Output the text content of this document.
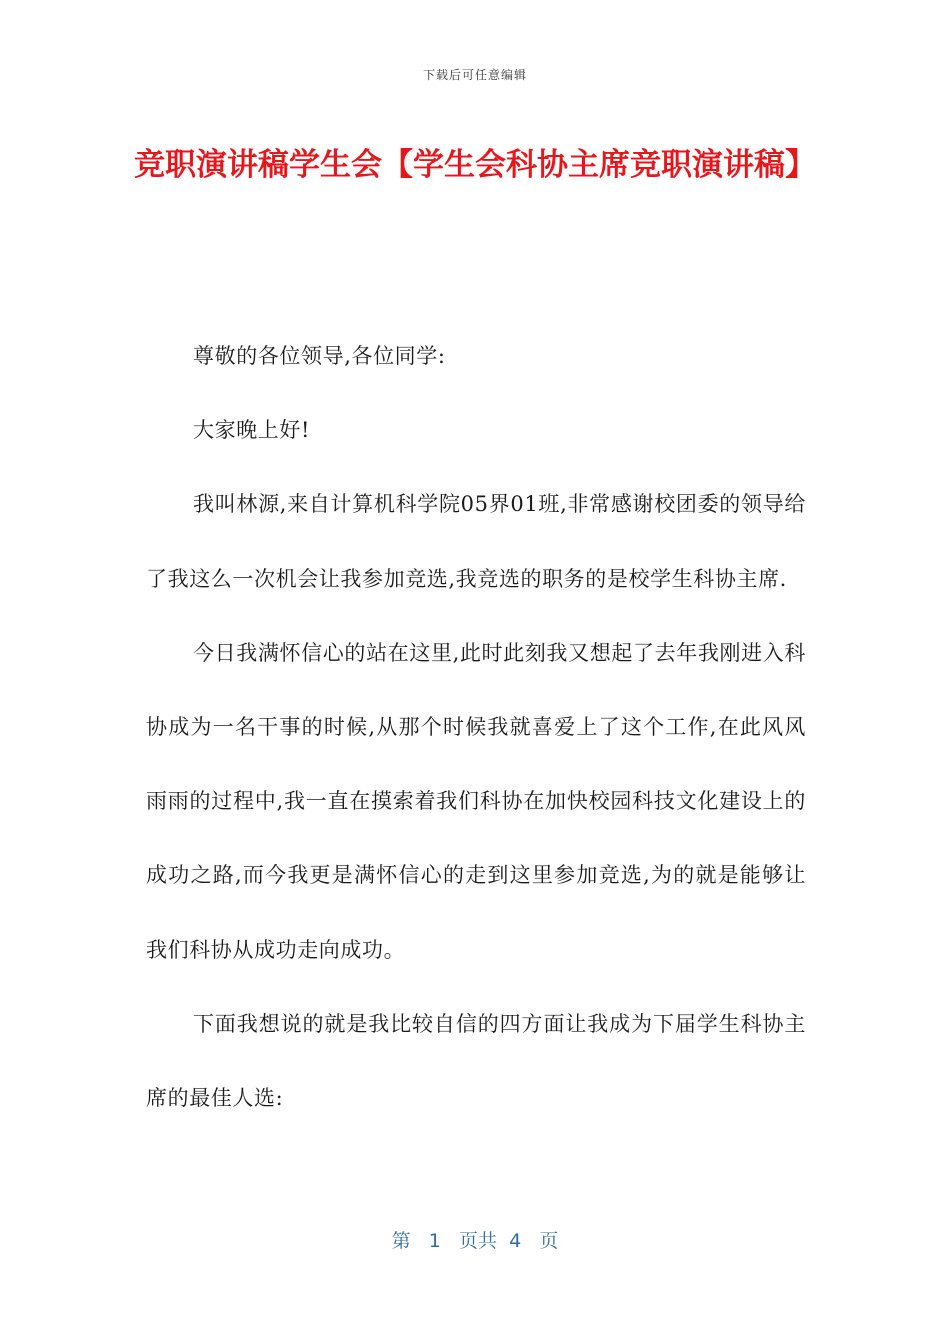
下载后可任意编辑
竞职演讲稿学生会【学生会科协主席竞职演讲稿】

尊敬的各位领导,各位同学:

大家晚上好!

我叫林源,来自计算机科学院05界01班,非常感谢校团委的领导给了我这么一次机会让我参加竞选,我竞选的职务的是校学生科协主席.

今日我满怀信心的站在这里,此时此刻我又想起了去年我刚进入科协成为一名干事的时候,从那个时候我就喜爱上了这个工作,在此风风雨雨的过程中,我一直在摸索着我们科协在加快校园科技文化建设上的成功之路,而今我更是满怀信心的走到这里参加竞选,为的就是能够让我们科协从成功走向成功。

下面我想说的就是我比较自信的四方面让我成为下届学生科协主席的最佳人选:

第 1 页共 4 页
